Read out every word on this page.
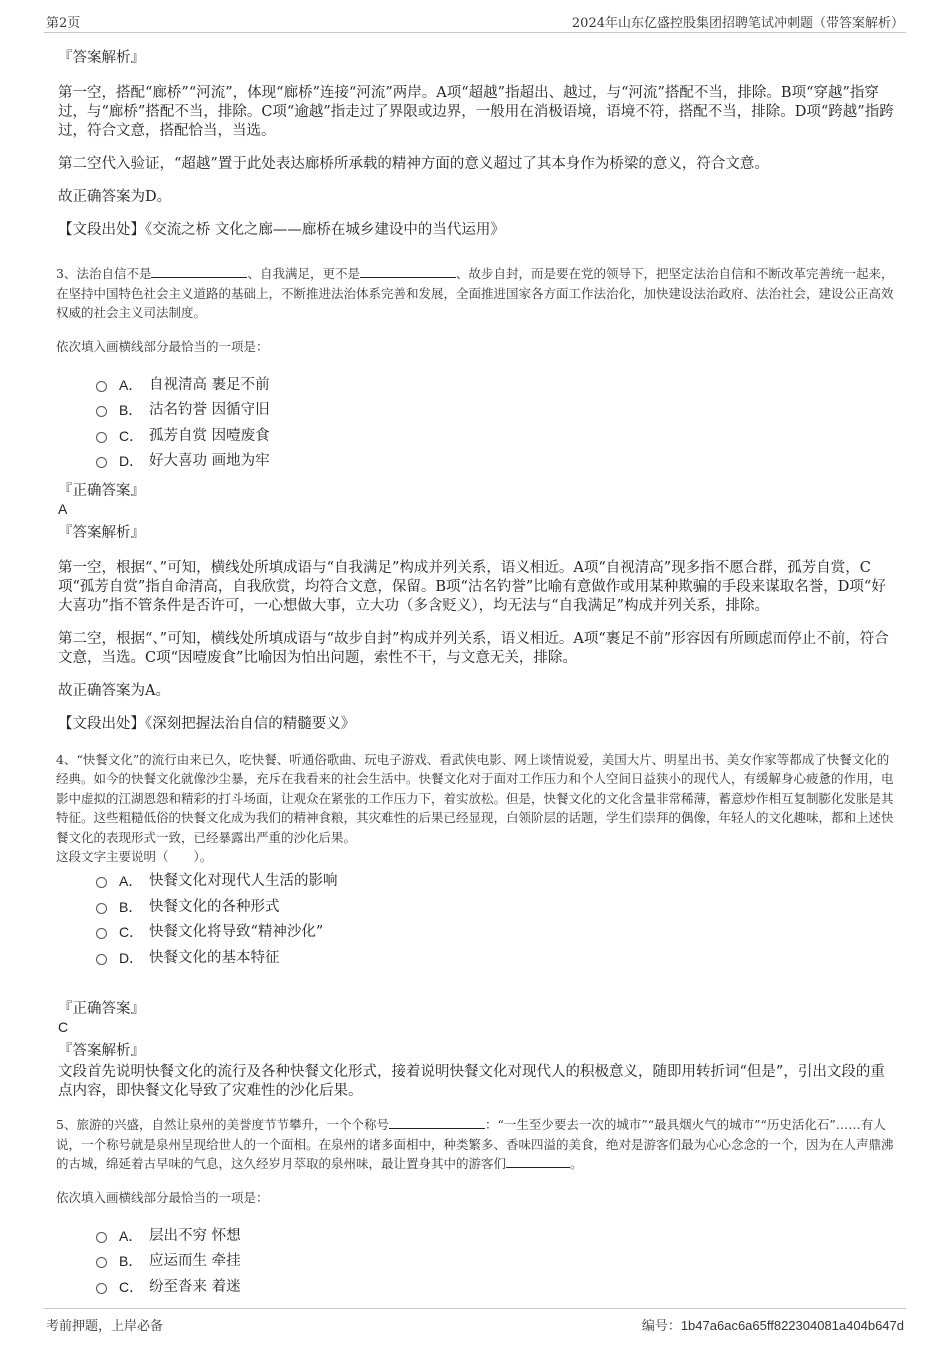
第2页	2024年山东亿盛控股集团招聘笔试冲刺题（带答案解析）
『答案解析』

第一空，搭配“廊桥”“河流”，体现“廊桥”连接“河流”两岸。A项“超越”指超出、越过，与“河流”搭配不当，排除。B项“穿越”指穿过，与“廊桥”搭配不当，排除。C项“逾越”指走过了界限或边界，一般用在消极语境，语境不符，搭配不当，排除。D项“跨越”指跨过，符合文意，搭配恰当，当选。

第二空代入验证，“超越”置于此处表达廊桥所承载的精神方面的意义超过了其本身作为桥梁的意义，符合文意。

故正确答案为D。

【文段出处】《交流之桥 文化之廊——廊桥在城乡建设中的当代运用》

3、法治自信不是	、自我满足，更不是	、故步自封，而是要在党的领导下，把坚定法治自信和不断改革完善统一起来，在坚持中国特色社会主义道路的基础上，不断推进法治体系完善和发展，全面推进国家各方面工作法治化，加快建设法治政府、法治社会，建设公正高效权威的社会主义司法制度。

依次填入画横线部分最恰当的一项是：

A． 自视清高 裹足不前
B． 沽名钓誉 因循守旧
C． 孤芳自赏 因噎废食
D． 好大喜功 画地为牢
『正确答案』
A
『答案解析』

第一空，根据“、”可知，横线处所填成语与“自我满足”构成并列关系，语义相近。A项“自视清高”现多指不愿合群，孤芳自赏，C项“孤芳自赏”指自命清高，自我欣赏，均符合文意，保留。B项“沽名钓誉”比喻有意做作或用某种欺骗的手段来谋取名誉，D项“好大喜功”指不管条件是否许可，一心想做大事，立大功（多含贬义），均无法与“自我满足”构成并列关系，排除。

第二空，根据“、”可知，横线处所填成语与“故步自封”构成并列关系，语义相近。A项“裹足不前”形容因有所顾虑而停止不前，符合文意，当选。C项“因噎废食”比喻因为怕出问题，索性不干，与文意无关，排除。

故正确答案为A。

【文段出处】《深刻把握法治自信的精髓要义》

4、“快餐文化”的流行由来已久，吃快餐、听通俗歌曲、玩电子游戏、看武侠电影、网上谈情说爱，美国大片、明星出书、美女作家等都成了快餐文化的经典。如今的快餐文化就像沙尘暴，充斥在我看来的社会生活中。快餐文化对于面对工作压力和个人空间日益狭小的现代人，有缓解身心疲惫的作用，电影中虚拟的江湖恩怨和精彩的打斗场面，让观众在紧张的工作压力下，着实放松。但是，快餐文化的文化含量非常稀薄，蓄意炒作相互复制膨化发胀是其特征。这些粗糙低俗的快餐文化成为我们的精神食粮，其灾难性的后果已经显现，白领阶层的话题，学生们崇拜的偶像，年轻人的文化趣味，都和上述快餐文化的表现形式一致，已经暴露出严重的沙化后果。

这段文字主要说明（　　）。

A． 快餐文化对现代人生活的影响
B． 快餐文化的各种形式
C． 快餐文化将导致“精神沙化”
D． 快餐文化的基本特征
『正确答案』
C
『答案解析』

文段首先说明快餐文化的流行及各种快餐文化形式，接着说明快餐文化对现代人的积极意义，随即用转折词“但是”，引出文段的重点内容，即快餐文化导致了灾难性的沙化后果。

5、旅游的兴盛，自然让泉州的美誉度节节攀升，一个个称号	：“一生至少要去一次的城市”“最具烟火气的城市”“历史活化石”……有人说，一个称号就是泉州呈现给世人的一个面相。在泉州的诸多面相中，种类繁多、香味四溢的美食，绝对是游客们最为心心念念的一个，因为在人声鼎沸的古城，绵延着古早味的气息，这久经岁月萃取的泉州味，最让置身其中的游客们	。

依次填入画横线部分最恰当的一项是：

A． 层出不穷 怀想
B． 应运而生 牵挂
C． 纷至沓来 着迷
考前押题，上岸必备	编号：1b47a6ac6a65ff822304081a404b647d
